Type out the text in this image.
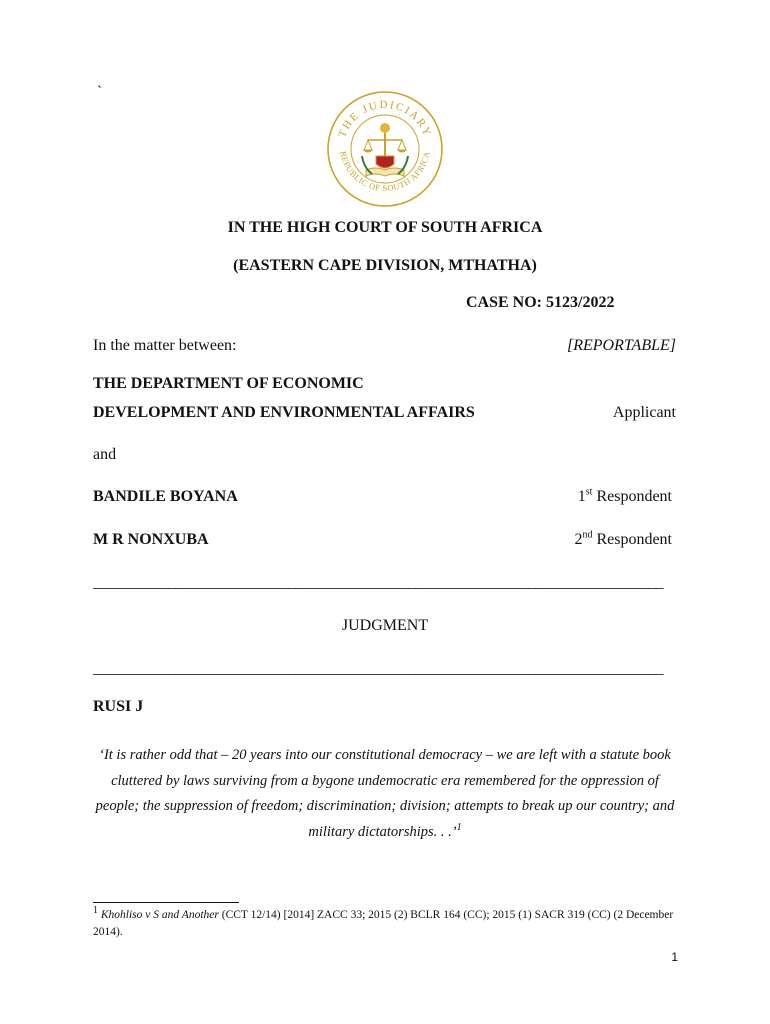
`
THE JUDICIARY
REPUBLIC OF SOUTH AFRICA
IN THE HIGH COURT OF SOUTH AFRICA
(EASTERN CAPE DIVISION, MTHATHA)
CASE NO: 5123/2022
In the matter between:	[REPORTABLE]
THE DEPARTMENT OF ECONOMIC
DEVELOPMENT AND ENVIRONMENTAL AFFAIRS	Applicant
and
BANDILE BOYANA	1st Respondent
M R NONXUBA	2nd Respondent
____________________________________________________________________________
JUDGMENT
____________________________________________________________________________
RUSI J
‘It is rather odd that – 20 years into our constitutional democracy – we are left with a statute book cluttered by laws surviving from a bygone undemocratic era remembered for the oppression of people; the suppression of freedom; discrimination; division; attempts to break up our country; and military dictatorships. . .’$^1$
$^1$ Khohliso v S and Another (CCT 12/14) [2014] ZACC 33; 2015 (2) BCLR 164 (CC); 2015 (1) SACR 319 (CC) (2 December 2014).
1
